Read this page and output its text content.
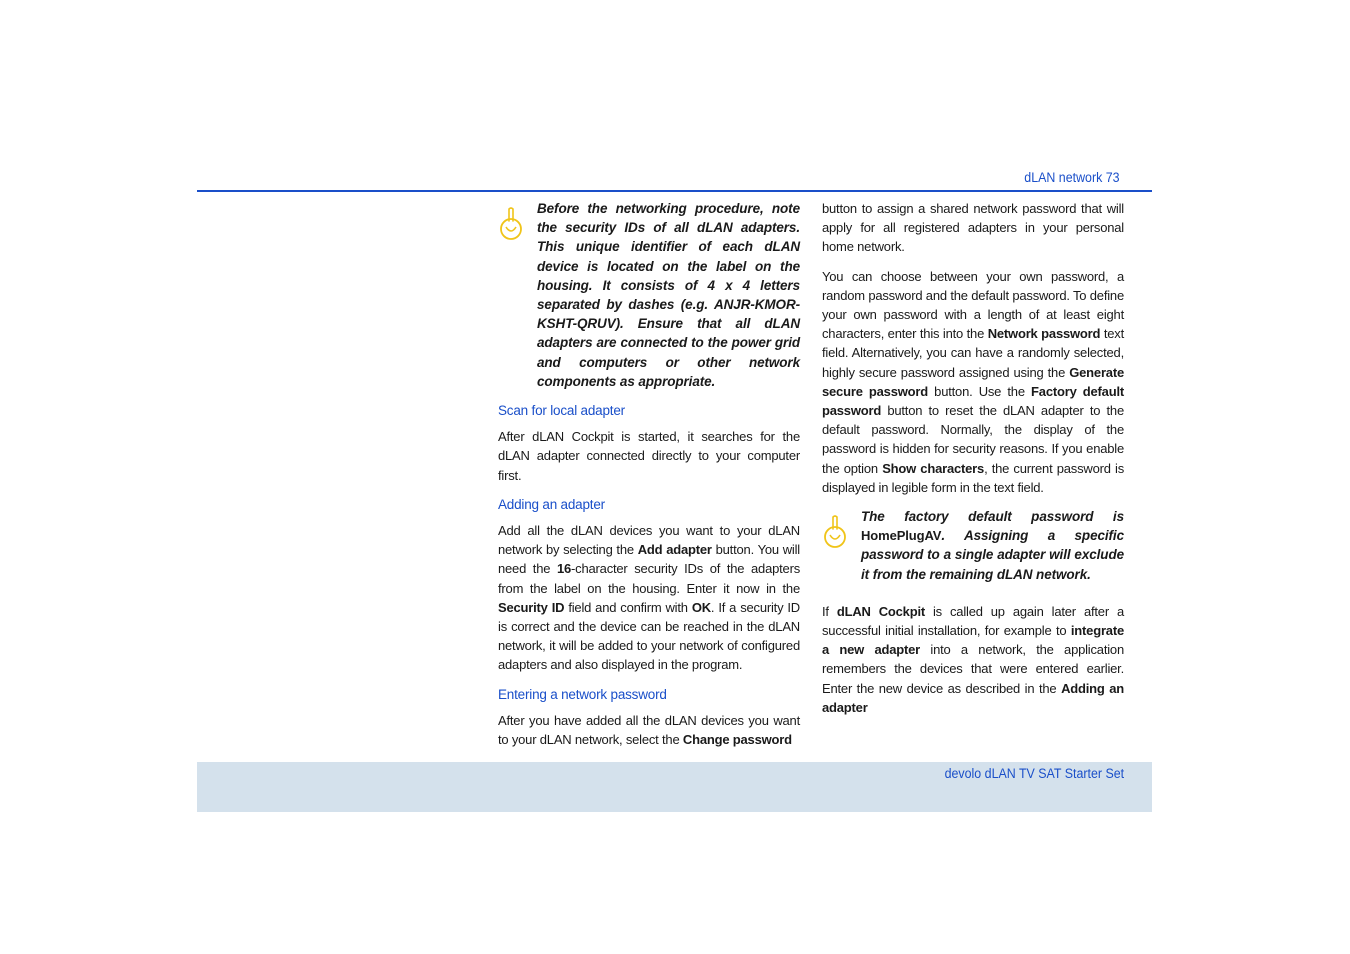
dLAN network 73

Before the networking procedure, note the security IDs of all dLAN adapters. This unique identifier of each dLAN device is located on the label on the housing. It consists of 4 x 4 letters separated by dashes (e.g. ANJR-KMOR-KSHT-QRUV). Ensure that all dLAN adapters are connected to the power grid and computers or other network components as appropriate.

Scan for local adapter

After dLAN Cockpit is started, it searches for the dLAN adapter connected directly to your computer first.

Adding an adapter

Add all the dLAN devices you want to your dLAN network by selecting the Add adapter button. You will need the 16-character security IDs of the adapters from the label on the housing. Enter it now in the Security ID field and confirm with OK. If a security ID is correct and the device can be reached in the dLAN network, it will be added to your network of configured adapters and also displayed in the program.

Entering a network password

After you have added all the dLAN devices you want to your dLAN network, select the Change password

button to assign a shared network password that will apply for all registered adapters in your personal home network.

You can choose between your own password, a random password and the default password. To define your own password with a length of at least eight characters, enter this into the Network password text field. Alternatively, you can have a randomly selected, highly secure password assigned using the Generate secure password button. Use the Factory default password button to reset the dLAN adapter to the default password. Normally, the display of the password is hidden for security reasons. If you enable the option Show characters, the current password is displayed in legible form in the text field.

The factory default password is HomePlugAV. Assigning a specific password to a single adapter will exclude it from the remaining dLAN network.

If dLAN Cockpit is called up again later after a successful initial installation, for example to integrate a new adapter into a network, the application remembers the devices that were entered earlier. Enter the new device as described in the Adding an adapter

devolo dLAN TV SAT Starter Set
